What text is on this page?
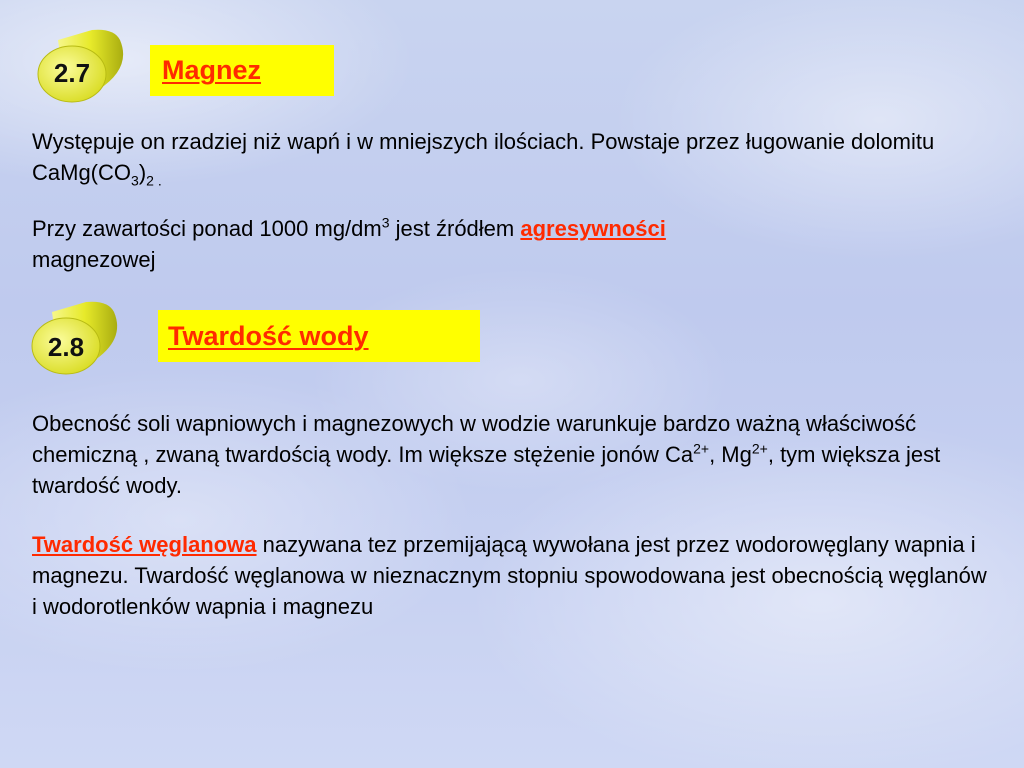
2.7	Magnez

Występuje on rzadziej niż wapń i w mniejszych ilościach. Powstaje przez ługowanie dolomitu $CaMg(CO_3)_{2 .}$

Przy zawartości ponad 1000 $mg/dm^3$ jest źródłem agresywności
magnezowej

2.8	Twardość wody

Obecność soli wapniowych i magnezowych w wodzie warunkuje bardzo ważną właściwość chemiczną , zwaną twardością wody. Im większe stężenie jonów $Ca^{2+}$, $Mg^{2+}$, tym większa jest twardość wody.

Twardość węglanowa nazywana tez przemijającą wywołana jest przez wodorowęglany wapnia i magnezu. Twardość węglanowa w nieznacznym stopniu spowodowana jest obecnością węglanów i wodorotlenków wapnia i magnezu
